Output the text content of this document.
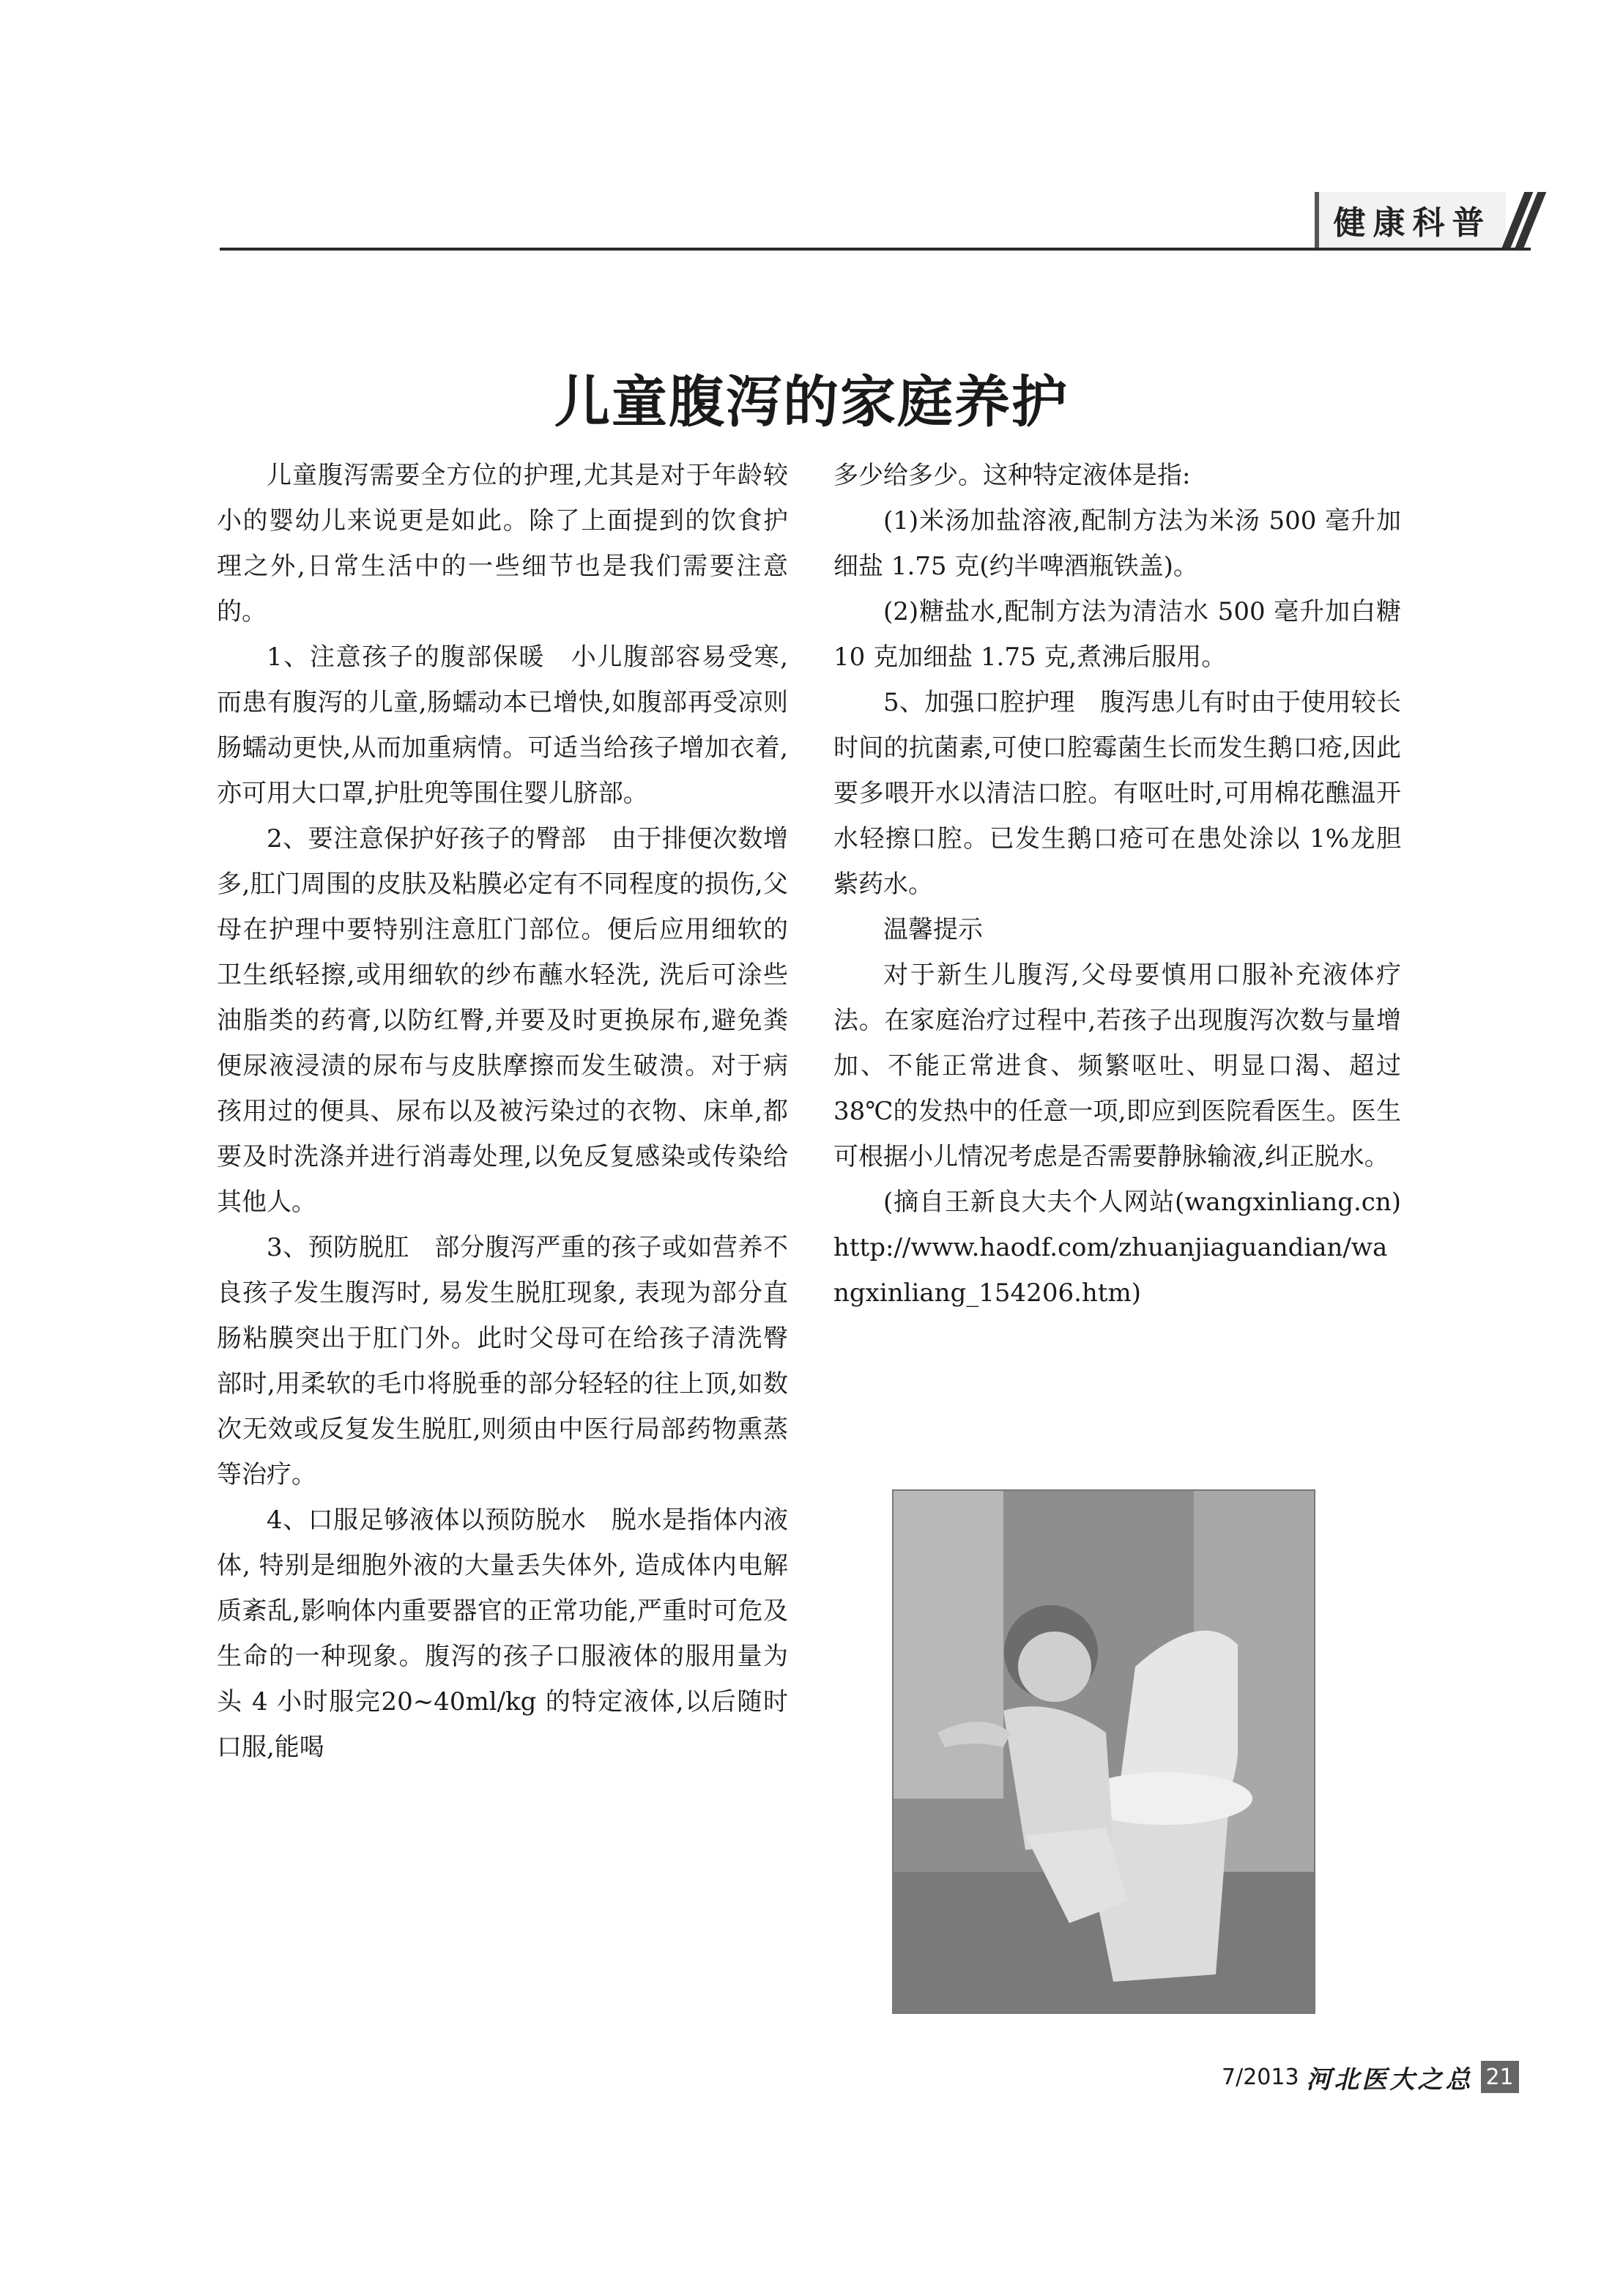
健康科普
儿童腹泻的家庭养护

儿童腹泻需要全方位的护理,尤其是对于年龄较小的婴幼儿来说更是如此。除了上面提到的饮食护理之外,日常生活中的一些细节也是我们需要注意的。

1、注意孩子的腹部保暖　小儿腹部容易受寒,而患有腹泻的儿童,肠蠕动本已增快,如腹部再受凉则肠蠕动更快,从而加重病情。可适当给孩子增加衣着,亦可用大口罩,护肚兜等围住婴儿脐部。

2、要注意保护好孩子的臀部　由于排便次数增多,肛门周围的皮肤及粘膜必定有不同程度的损伤,父母在护理中要特别注意肛门部位。便后应用细软的卫生纸轻擦,或用细软的纱布蘸水轻洗, 洗后可涂些油脂类的药膏,以防红臀,并要及时更换尿布,避免粪便尿液浸渍的尿布与皮肤摩擦而发生破溃。对于病孩用过的便具、尿布以及被污染过的衣物、床单,都要及时洗涤并进行消毒处理,以免反复感染或传染给其他人。

3、预防脱肛　部分腹泻严重的孩子或如营养不良孩子发生腹泻时, 易发生脱肛现象, 表现为部分直肠粘膜突出于肛门外。此时父母可在给孩子清洗臀部时,用柔软的毛巾将脱垂的部分轻轻的往上顶,如数次无效或反复发生脱肛,则须由中医行局部药物熏蒸等治疗。

4、口服足够液体以预防脱水　脱水是指体内液体, 特别是细胞外液的大量丢失体外, 造成体内电解质紊乱,影响体内重要器官的正常功能,严重时可危及生命的一种现象。腹泻的孩子口服液体的服用量为头 4 小时服完20~40ml/kg 的特定液体,以后随时口服,能喝

多少给多少。这种特定液体是指:

(1)米汤加盐溶液,配制方法为米汤 500 毫升加细盐 1.75 克(约半啤酒瓶铁盖)。

(2)糖盐水,配制方法为清洁水 500 毫升加白糖 10 克加细盐 1.75 克,煮沸后服用。

5、加强口腔护理　腹泻患儿有时由于使用较长时间的抗菌素,可使口腔霉菌生长而发生鹅口疮,因此要多喂开水以清洁口腔。有呕吐时,可用棉花醮温开水轻擦口腔。已发生鹅口疮可在患处涂以 1%龙胆紫药水。

温馨提示

对于新生儿腹泻,父母要慎用口服补充液体疗法。在家庭治疗过程中,若孩子出现腹泻次数与量增加、不能正常进食、频繁呕吐、明显口渴、超过 38℃的发热中的任意一项,即应到医院看医生。医生可根据小儿情况考虑是否需要静脉输液,纠正脱水。

(摘自王新良大夫个人网站(wangxinliang.cn)http://www.haodf.com/zhuanjiaguandian/wangxinliang_154206.htm)

7/2013 河北医大之总 21
